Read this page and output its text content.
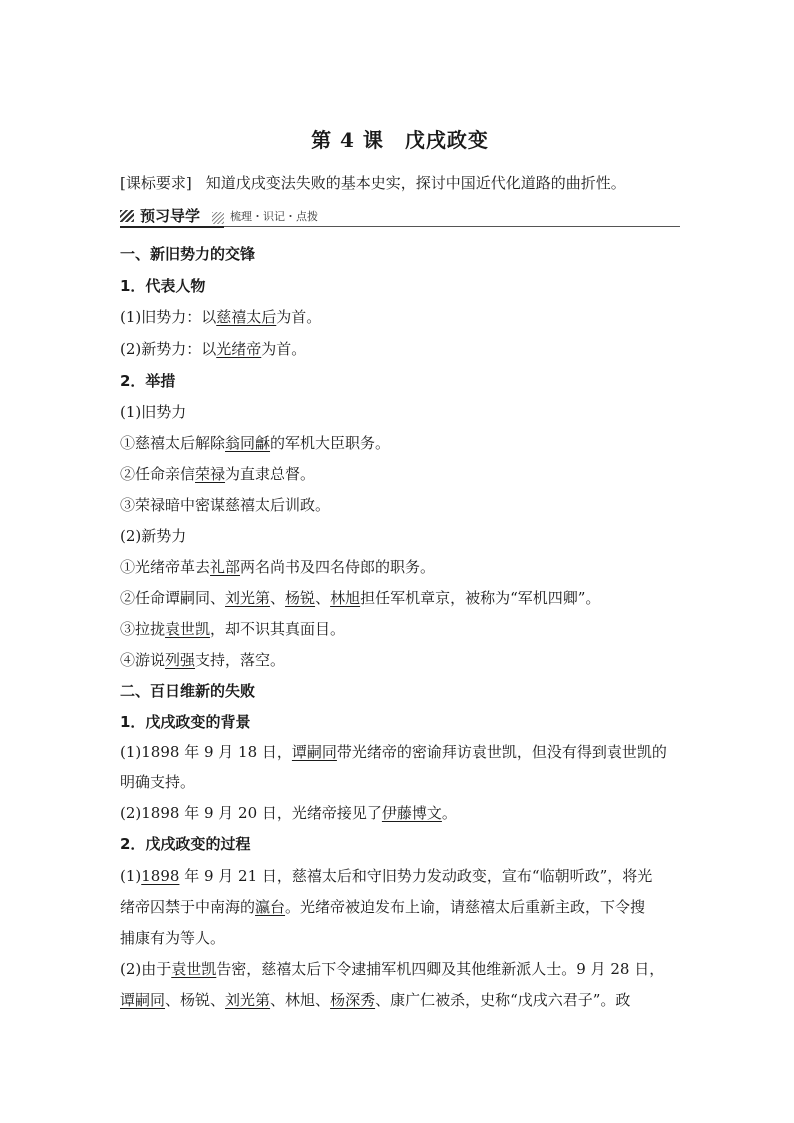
第 4 课　戊戌政变
[课标要求] 知道戊戌变法失败的基本史实，探讨中国近代化道路的曲折性。
预习导学	梳理・识记・点拨
一、新旧势力的交锋
1．代表人物
(1)旧势力：以慈禧太后为首。
(2)新势力：以光绪帝为首。
2．举措
(1)旧势力
①慈禧太后解除翁同龢的军机大臣职务。
②任命亲信荣禄为直隶总督。
③荣禄暗中密谋慈禧太后训政。
(2)新势力
①光绪帝革去礼部两名尚书及四名侍郎的职务。
②任命谭嗣同、刘光第、杨锐、林旭担任军机章京，被称为“军机四卿”。
③拉拢袁世凯，却不识其真面目。
④游说列强支持，落空。
二、百日维新的失败
1．戊戌政变的背景
(1)1898 年 9 月 18 日，谭嗣同带光绪帝的密谕拜访袁世凯，但没有得到袁世凯的
明确支持。
(2)1898 年 9 月 20 日，光绪帝接见了伊藤博文。
2．戊戌政变的过程
(1)1898 年 9 月 21 日，慈禧太后和守旧势力发动政变，宣布“临朝听政”，将光
绪帝囚禁于中南海的瀛台。光绪帝被迫发布上谕，请慈禧太后重新主政，下令搜
捕康有为等人。
(2)由于袁世凯告密，慈禧太后下令逮捕军机四卿及其他维新派人士。9 月 28 日，
谭嗣同、杨锐、刘光第、林旭、杨深秀、康广仁被杀，史称“戊戌六君子”。政
